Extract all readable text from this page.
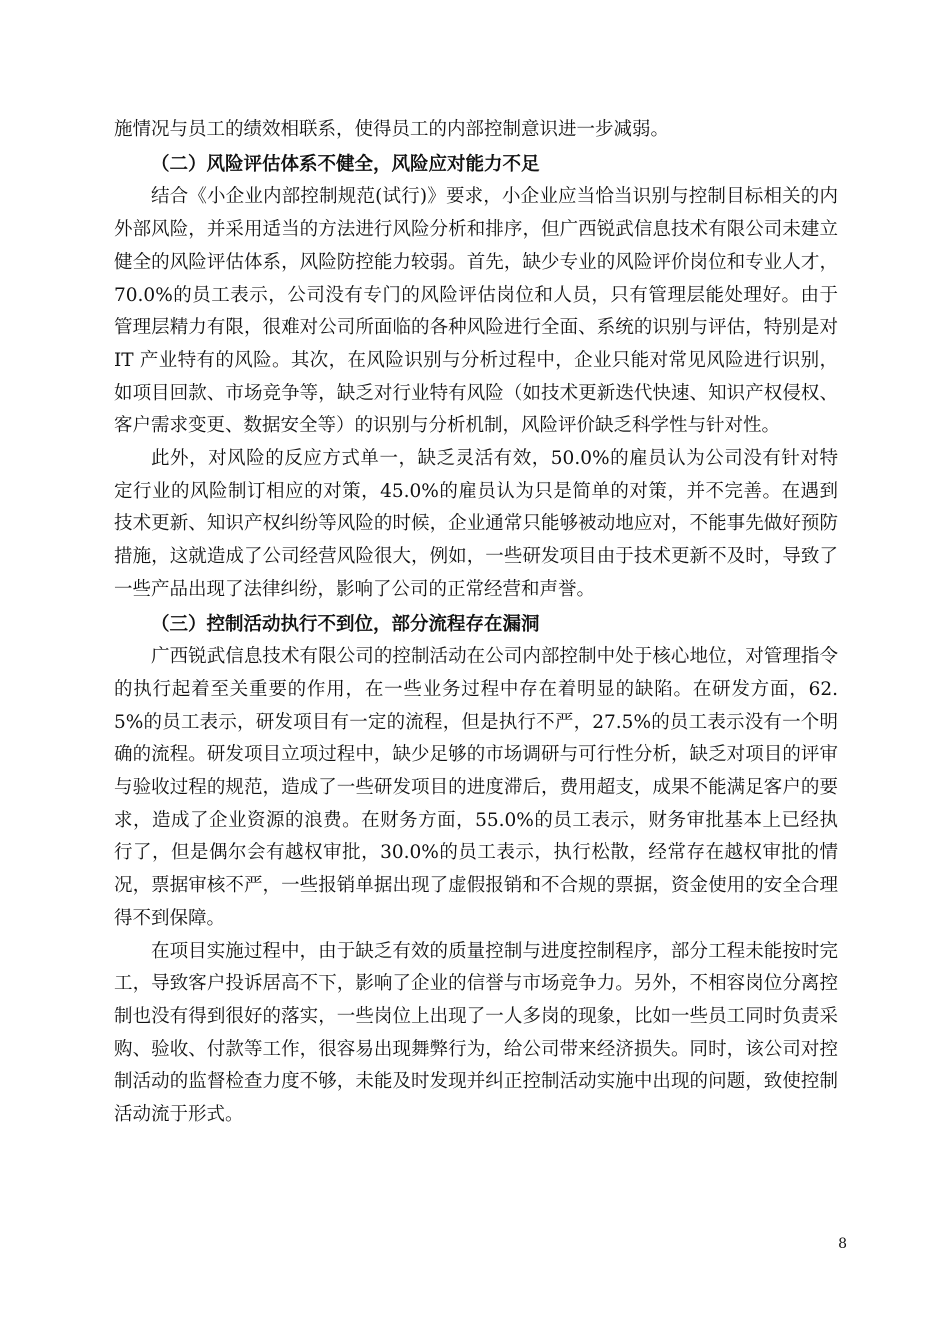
施情况与员工的绩效相联系，使得员工的内部控制意识进一步减弱。

（二）风险评估体系不健全，风险应对能力不足

结合《小企业内部控制规范(试行)》要求，小企业应当恰当识别与控制目标相关的内外部风险，并采用适当的方法进行风险分析和排序，但广西锐武信息技术有限公司未建立健全的风险评估体系，风险防控能力较弱。首先，缺少专业的风险评价岗位和专业人才，70.0%的员工表示，公司没有专门的风险评估岗位和人员，只有管理层能处理好。由于管理层精力有限，很难对公司所面临的各种风险进行全面、系统的识别与评估，特别是对 IT 产业特有的风险。其次，在风险识别与分析过程中，企业只能对常见风险进行识别，如项目回款、市场竞争等，缺乏对行业特有风险（如技术更新迭代快速、知识产权侵权、客户需求变更、数据安全等）的识别与分析机制，风险评价缺乏科学性与针对性。

此外，对风险的反应方式单一，缺乏灵活有效，50.0%的雇员认为公司没有针对特定行业的风险制订相应的对策，45.0%的雇员认为只是简单的对策，并不完善。在遇到技术更新、知识产权纠纷等风险的时候，企业通常只能够被动地应对，不能事先做好预防措施，这就造成了公司经营风险很大，例如，一些研发项目由于技术更新不及时，导致了一些产品出现了法律纠纷，影响了公司的正常经营和声誉。

（三）控制活动执行不到位，部分流程存在漏洞

广西锐武信息技术有限公司的控制活动在公司内部控制中处于核心地位，对管理指令的执行起着至关重要的作用，在一些业务过程中存在着明显的缺陷。在研发方面，62.5%的员工表示，研发项目有一定的流程，但是执行不严，27.5%的员工表示没有一个明确的流程。研发项目立项过程中，缺少足够的市场调研与可行性分析，缺乏对项目的评审与验收过程的规范，造成了一些研发项目的进度滞后，费用超支，成果不能满足客户的要求，造成了企业资源的浪费。在财务方面，55.0%的员工表示，财务审批基本上已经执行了，但是偶尔会有越权审批，30.0%的员工表示，执行松散，经常存在越权审批的情况，票据审核不严，一些报销单据出现了虚假报销和不合规的票据，资金使用的安全合理得不到保障。

在项目实施过程中，由于缺乏有效的质量控制与进度控制程序，部分工程未能按时完工，导致客户投诉居高不下，影响了企业的信誉与市场竞争力。另外，不相容岗位分离控制也没有得到很好的落实，一些岗位上出现了一人多岗的现象，比如一些员工同时负责采购、验收、付款等工作，很容易出现舞弊行为，给公司带来经济损失。同时，该公司对控制活动的监督检查力度不够，未能及时发现并纠正控制活动实施中出现的问题，致使控制活动流于形式。

8
